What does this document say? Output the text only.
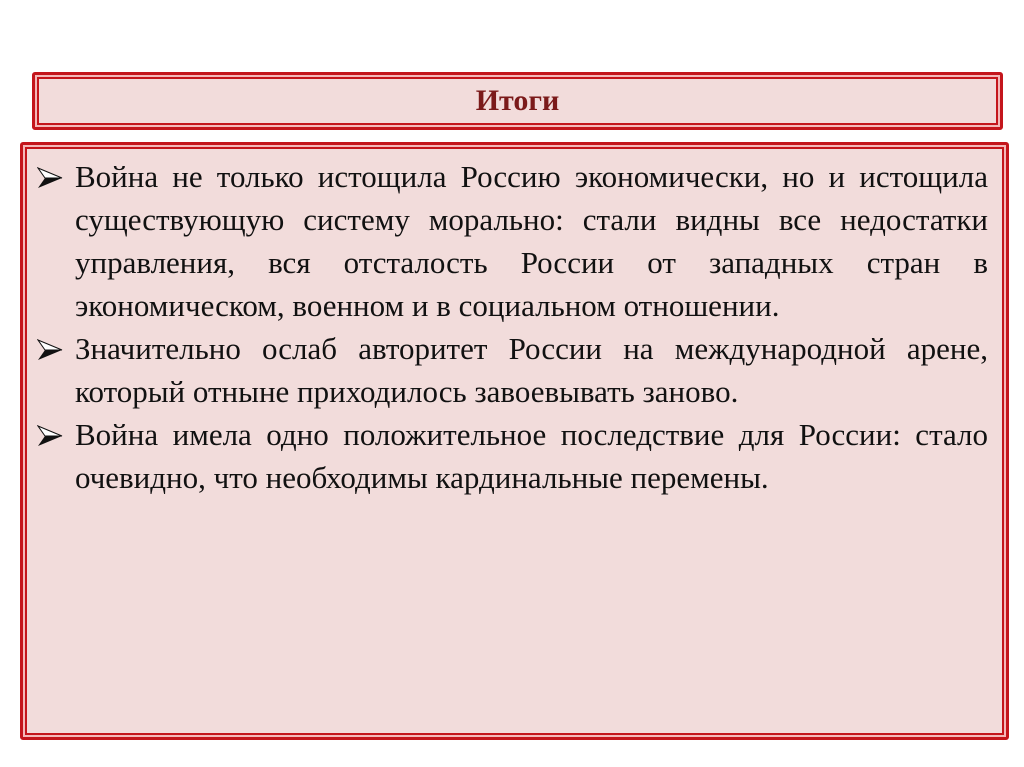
Итоги
Война не только истощила Россию экономически, но и истощила существующую систему морально: стали видны все недостатки управления, вся отсталость России от западных стран в экономическом, военном и в социальном отношении.
Значительно ослаб авторитет России на международной арене, который отныне приходилось завоевывать заново.
Война имела одно положительное последствие для России: стало очевидно, что необходимы кардинальные перемены.
